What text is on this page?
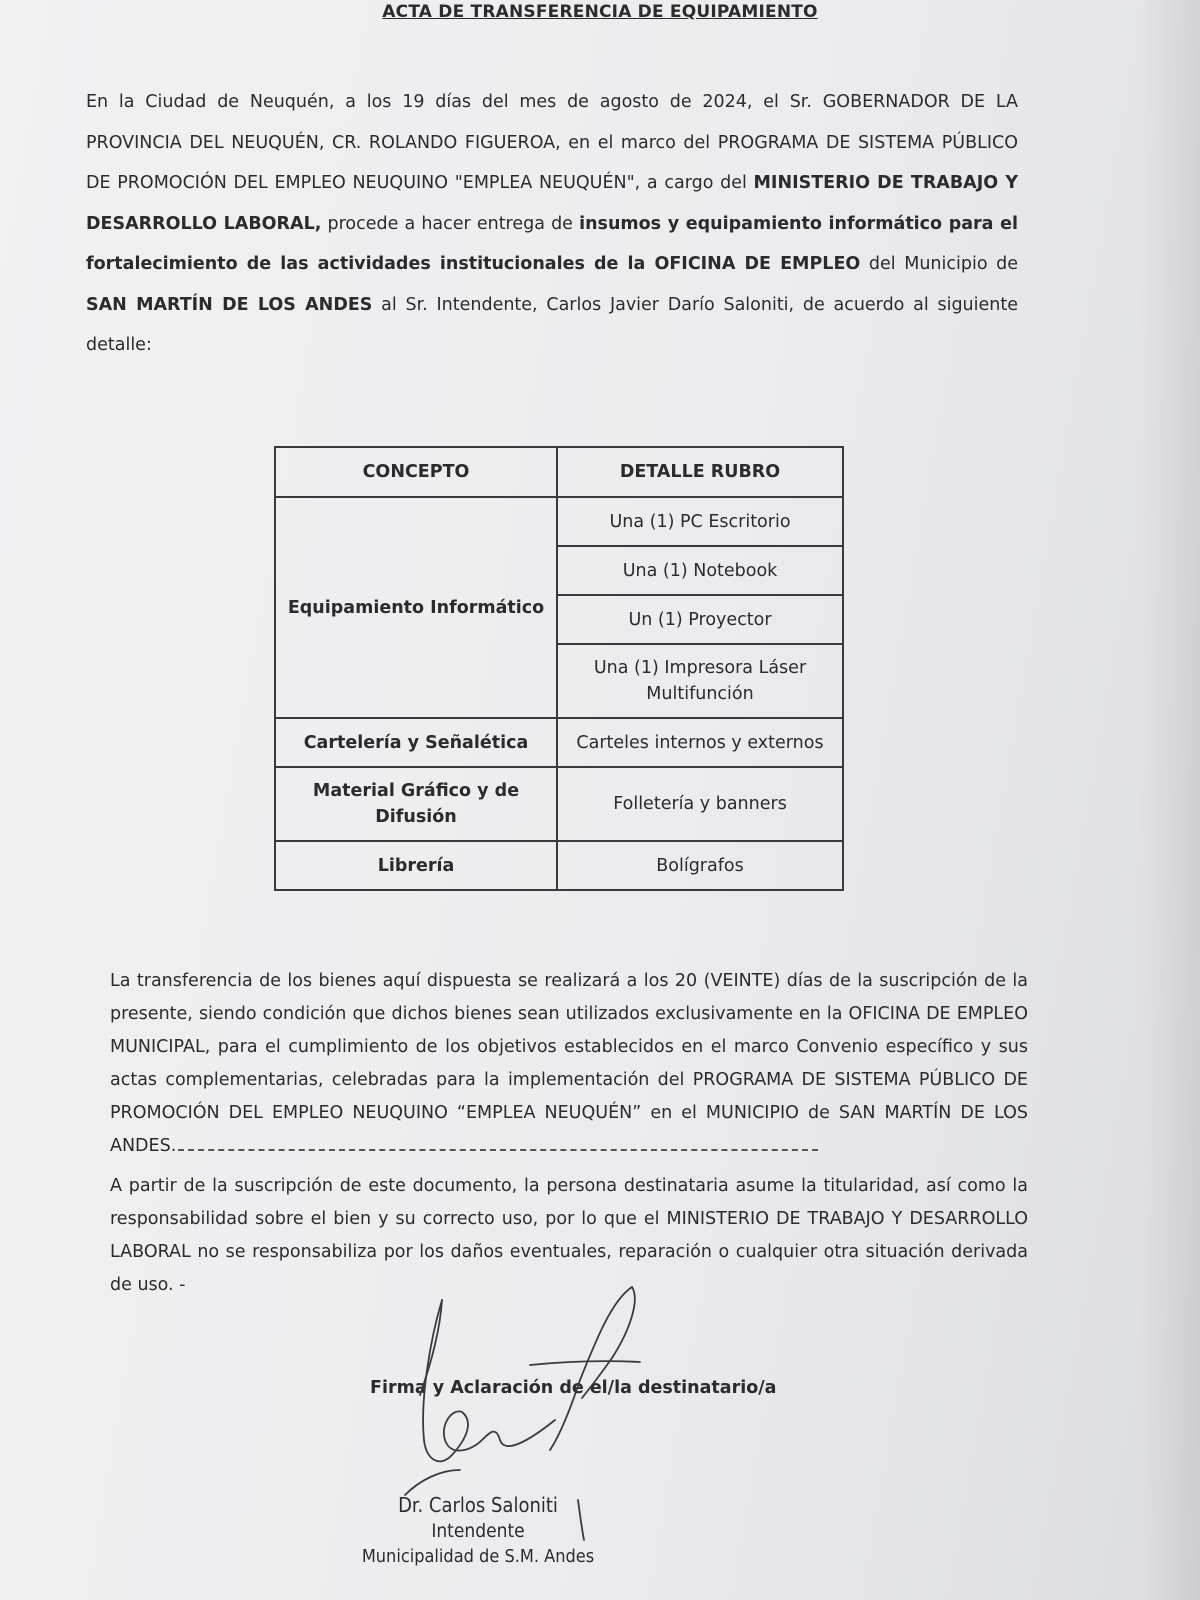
ACTA DE TRANSFERENCIA DE EQUIPAMIENTO
En la Ciudad de Neuquén, a los 19 días del mes de agosto de 2024, el Sr. GOBERNADOR DE LA PROVINCIA DEL NEUQUÉN, CR. ROLANDO FIGUEROA, en el marco del PROGRAMA DE SISTEMA PÚBLICO DE PROMOCIÓN DEL EMPLEO NEUQUINO "EMPLEA NEUQUÉN", a cargo del MINISTERIO DE TRABAJO Y DESARROLLO LABORAL, procede a hacer entrega de insumos y equipamiento informático para el fortalecimiento de las actividades institucionales de la OFICINA DE EMPLEO del Municipio de SAN MARTÍN DE LOS ANDES al Sr. Intendente, Carlos Javier Darío Saloniti, de acuerdo al siguiente detalle:
CONCEPTO	DETALLE RUBRO
Equipamiento Informático	Una (1) PC Escritorio
	Una (1) Notebook
	Un (1) Proyector
	Una (1) Impresora Láser Multifunción
Cartelería y Señalética	Carteles internos y externos
Material Gráfico y de Difusión	Folletería y banners
Librería	Bolígrafos
La transferencia de los bienes aquí dispuesta se realizará a los 20 (VEINTE) días de la suscripción de la presente, siendo condición que dichos bienes sean utilizados exclusivamente en la OFICINA DE EMPLEO MUNICIPAL, para el cumplimiento de los objetivos establecidos en el marco Convenio específico y sus actas complementarias, celebradas para la implementación del PROGRAMA DE SISTEMA PÚBLICO DE PROMOCIÓN DEL EMPLEO NEUQUINO “EMPLEA NEUQUÉN” en el MUNICIPIO de SAN MARTÍN DE LOS ANDES.
A partir de la suscripción de este documento, la persona destinataria asume la titularidad, así como la responsabilidad sobre el bien y su correcto uso, por lo que el MINISTERIO DE TRABAJO Y DESARROLLO LABORAL no se responsabiliza por los daños eventuales, reparación o cualquier otra situación derivada de uso. -
Firma y Aclaración de el/la destinatario/a
Dr. Carlos Saloniti
Intendente
Municipalidad de S.M. Andes
